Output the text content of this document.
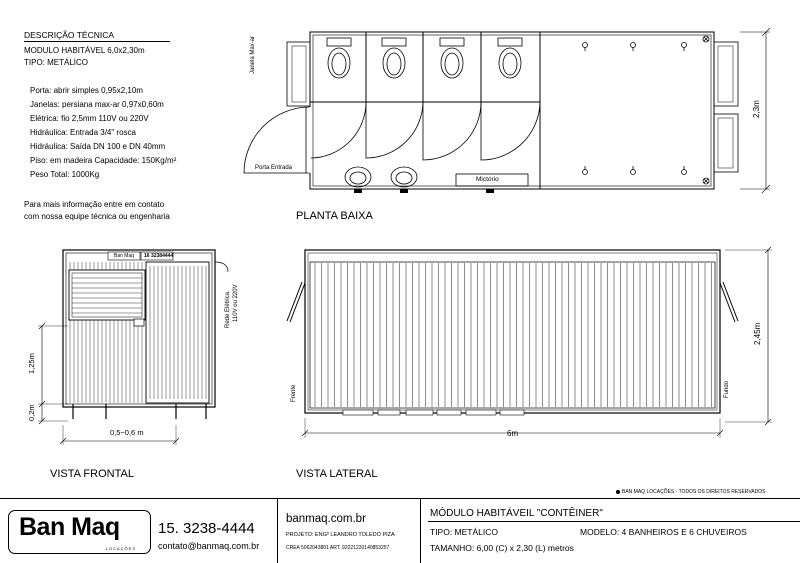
DESCRIÇÃO TÉCNICA
MODULO HABITÁVEL 6,0x2,30m
TIPO: METÁLICO
Porta: abrir simples 0,95x2,10m
Janelas: persiana max-ar 0,97x0,60m
Elétrica: fio 2,5mm 110V ou 220V
Hidráulica: Entrada 3/4" rosca
Hidráulica: Saída DN 100 e DN 40mm
Piso: em madeira Capacidade: 150Kg/m²
Peso Total: 1000Kg
Para mais informação entre em contato
com nossa equipe técnica ou engenharia
Janela Max-ar
Porta Entrada
Mictório
2,3m
PLANTA BAIXA
Ban Maq 16 32384444
Rede Elétrica 110V ou 220V
1,25m
0,2m
0,5~0,6 m
VISTA FRONTAL
Frente	Fundo
6m
2,45m
VISTA LATERAL
BAN MAQ LOCAÇÕES - TODOS OS DIREITOS RESERVADOS
Ban Maq
LOCAÇÕES
15. 3238-4444
contato@banmaq.com.br
banmaq.com.br
PROJETO: ENGº LEANDRO TOLEDO PIZA
CREA 5062043801 ART. 92221220140853257
MÓDULO HABITÁVEIL "CONTÊINER"
TIPO: METÁLICO	MODELO: 4 BANHEIROS E 6 CHUVEIROS
TAMANHO: 6,00 (C) x 2,30 (L) metros
